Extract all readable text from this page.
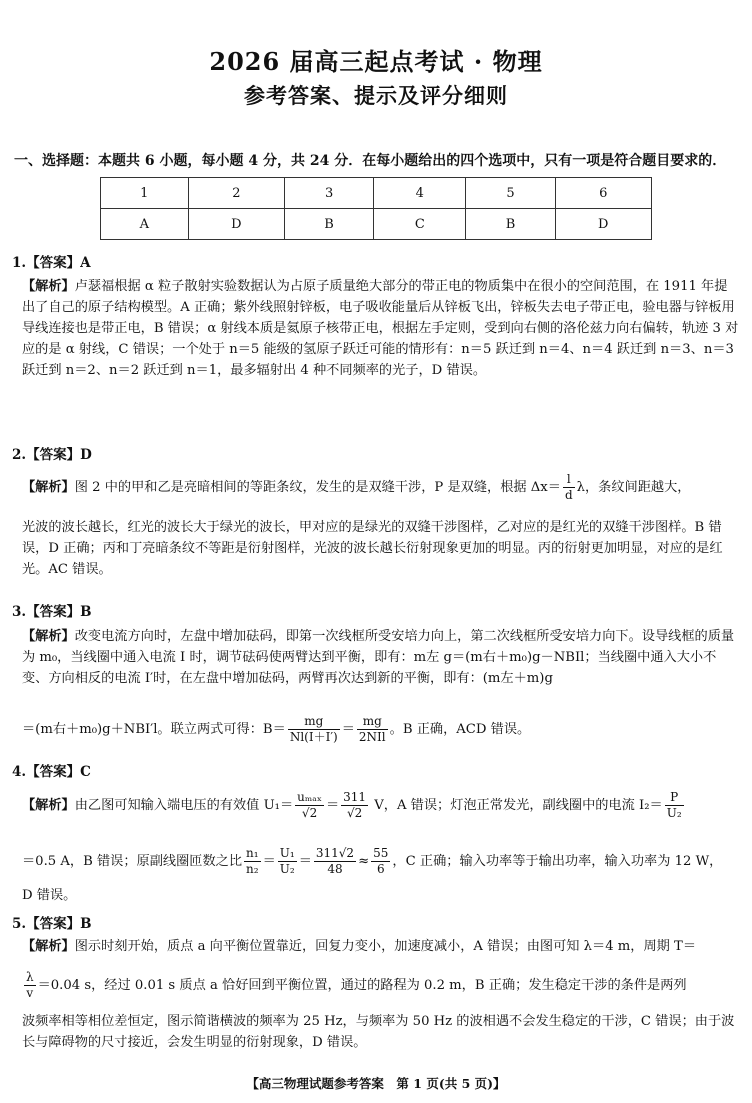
2026 届高三起点考试 · 物理
参考答案、提示及评分细则
一、选择题：本题共 6 小题，每小题 4 分，共 24 分．在每小题给出的四个选项中，只有一项是符合题目要求的．
1	2	3	4	5	6
A	D	B	C	B	D
1.【答案】A
【解析】卢瑟福根据 α 粒子散射实验数据认为占原子质量绝大部分的带正电的物质集中在很小的空间范围，在 1911 年提出了自己的原子结构模型。A 正确；紫外线照射锌板，电子吸收能量后从锌板飞出，锌板失去电子带正电，验电器与锌板用导线连接也是带正电，B 错误；α 射线本质是氦原子核带正电，根据左手定则，受到向右侧的洛伦兹力向右偏转，轨迹 3 对应的是 α 射线，C 错误；一个处于 n＝5 能级的氢原子跃迁可能的情形有：n＝5 跃迁到 n＝4、n＝4 跃迁到 n＝3、n＝3 跃迁到 n＝2、n＝2 跃迁到 n＝1，最多辐射出 4 种不同频率的光子，D 错误。
2.【答案】D
【解析】图 2 中的甲和乙是亮暗相间的等距条纹，发生的是双缝干涉，P 是双缝，根据 $\Delta x= \frac{l}{d}$ λ，条纹间距越大，
光波的波长越长，红光的波长大于绿光的波长，甲对应的是绿光的双缝干涉图样，乙对应的是红光的双缝干涉图样。B 错误，D 正确；丙和丁亮暗条纹不等距是衍射图样，光波的波长越长衍射现象更加的明显。丙的衍射更加明显，对应的是红光。AC 错误。
3.【答案】B
【解析】改变电流方向时，左盘中增加砝码，即第一次线框所受安培力向上，第二次线框所受安培力向下。设导线框的质量为 m₀，当线圈中通入电流 I 时，调节砝码使两臂达到平衡，即有：m左 g＝(m右＋m₀)g－NBIl；当线圈中通入大小不变、方向相反的电流 I′时，在左盘中增加砝码，两臂再次达到新的平衡，即有：(m左＋m)g
＝(m右＋m₀)g＋NBI′l。联立两式可得：$B= \frac{mg}{Nl(I+I')} = \frac{mg}{\text{2NIl}}$ 。B 正确，ACD 错误。
4.【答案】C
【解析】由乙图可知输入端电压的有效值 $U_1= \frac{\text{uₘₐₓ}}{√2} = \frac{311}{√2}$ V，A 错误；灯泡正常发光，副线圈中的电流 $I_2= \frac{P}{\text{U₂}}$
＝0.5 A，B 错误；原副线圈匝数之比 $\frac{\text{n₁}}{\text{n₂}} = \frac{\text{U₁}}{\text{U₂}} = \frac{311√2}{48} \approx \frac{55}{6}$ ，C 正确；输入功率等于输出功率，输入功率为 12 W，
D 错误。
5.【答案】B
【解析】图示时刻开始，质点 a 向平衡位置靠近，回复力变小，加速度减小，A 错误；由图可知 λ＝4 m，周期 T＝
$\frac{\lambda}{v} =0.04$ s，经过 0.01 s 质点 a 恰好回到平衡位置，通过的路程为 0.2 m，B 正确；发生稳定干涉的条件是两列
波频率相等相位差恒定，图示简谐横波的频率为 25 Hz，与频率为 50 Hz 的波相遇不会发生稳定的干涉，C 错误；由于波长与障碍物的尺寸接近，会发生明显的衍射现象，D 错误。
【高三物理试题参考答案　第 1 页(共 5 页)】
